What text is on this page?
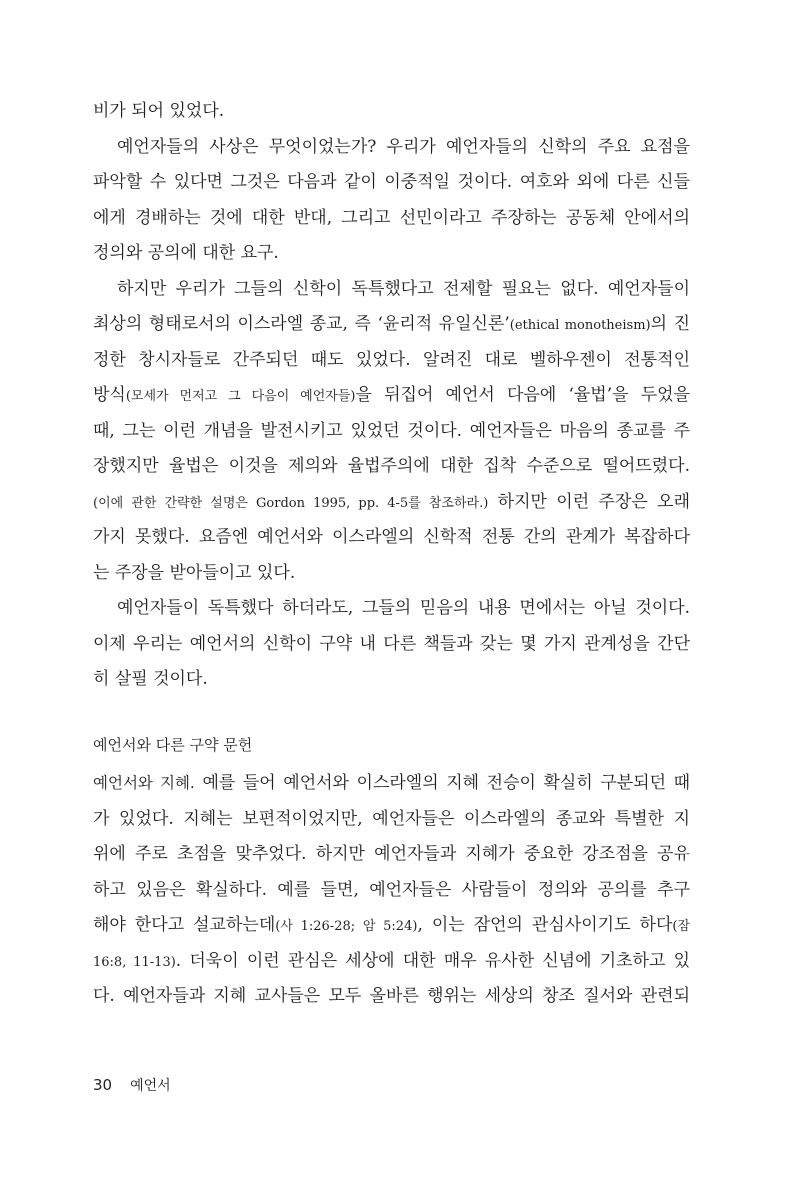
비가 되어 있었다.
예언자들의 사상은 무엇이었는가? 우리가 예언자들의 신학의 주요 요점을
파악할 수 있다면 그것은 다음과 같이 이중적일 것이다. 여호와 외에 다른 신들
에게 경배하는 것에 대한 반대, 그리고 선민이라고 주장하는 공동체 안에서의
정의와 공의에 대한 요구.
하지만 우리가 그들의 신학이 독특했다고 전제할 필요는 없다. 예언자들이
최상의 형태로서의 이스라엘 종교, 즉 ‘윤리적 유일신론’(ethical monotheism)의 진
정한 창시자들로 간주되던 때도 있었다. 알려진 대로 벨하우젠이 전통적인
방식(모세가 먼저고 그 다음이 예언자들)을 뒤집어 예언서 다음에 ‘율법’을 두었을
때, 그는 이런 개념을 발전시키고 있었던 것이다. 예언자들은 마음의 종교를 주
장했지만 율법은 이것을 제의와 율법주의에 대한 집착 수준으로 떨어뜨렸다.
(이에 관한 간략한 설명은 Gordon 1995, pp. 4-5를 참조하라.) 하지만 이런 주장은 오래
가지 못했다. 요즘엔 예언서와 이스라엘의 신학적 전통 간의 관계가 복잡하다
는 주장을 받아들이고 있다.
예언자들이 독특했다 하더라도, 그들의 믿음의 내용 면에서는 아닐 것이다.
이제 우리는 예언서의 신학이 구약 내 다른 책들과 갖는 몇 가지 관계성을 간단
히 살필 것이다.
예언서와 다른 구약 문헌
예언서와 지혜. 예를 들어 예언서와 이스라엘의 지혜 전승이 확실히 구분되던 때
가 있었다. 지혜는 보편적이었지만, 예언자들은 이스라엘의 종교와 특별한 지
위에 주로 초점을 맞추었다. 하지만 예언자들과 지혜가 중요한 강조점을 공유
하고 있음은 확실하다. 예를 들면, 예언자들은 사람들이 정의와 공의를 추구
해야 한다고 설교하는데(사 1:26-28; 암 5:24), 이는 잠언의 관심사이기도 하다(잠
16:8, 11-13). 더욱이 이런 관심은 세상에 대한 매우 유사한 신념에 기초하고 있
다. 예언자들과 지혜 교사들은 모두 올바른 행위는 세상의 창조 질서와 관련되
30 예언서
